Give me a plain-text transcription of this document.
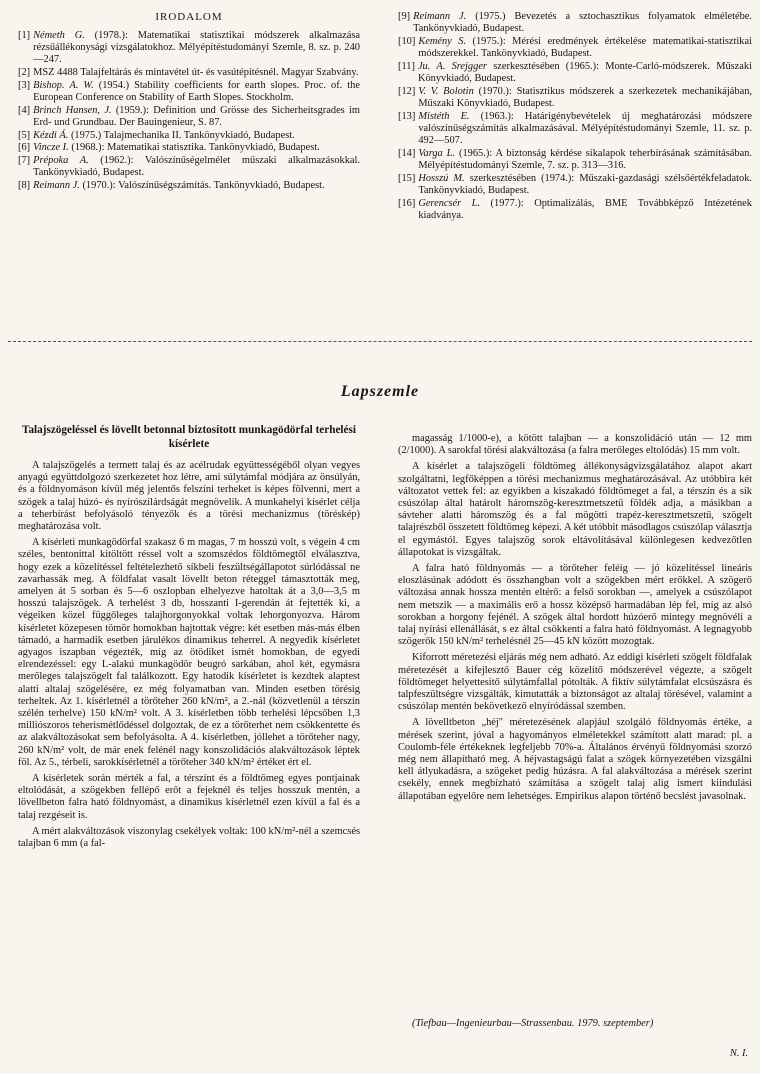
IRODALOM
[1] Németh G. (1978.): Matematikai statisztikai módszerek alkalmazása rézsűállékonysági vizsgálatokhoz. Mélyépítéstudományi Szemle, 8. sz. p. 240—247.
[2] MSZ 4488 Talajfeltárás és mintavétel út- és vasútépítésnél. Magyar Szabvány.
[3] Bishop. A. W. (1954.) Stability coefficients for earth slopes. Proc. of. the European Conference on Stability of Earth Slopes. Stockholm.
[4] Brinch Hansen, J. (1959.): Definition und Grösse des Sicherheitsgrades im Erd- und Grundbau. Der Bauingenieur, S. 87.
[5] Kézdi Á. (1975.) Talajmechanika II. Tankönyvkiadó, Budapest.
[6] Vincze I. (1968.): Matematikai statisztika. Tankönyvkiadó, Budapest.
[7] Prépoka A. (1962.): Valószínűségelmélet műszaki alkalmazásokkal. Tankönyvkiadó, Budapest.
[8] Reimann J. (1970.): Valószínűségszámítás. Tankönyvkiadó, Budapest.
[9] Reimann J. (1975.) Bevezetés a sztochasztikus folyamatok elméletébe. Tankönyvkiadó, Budapest.
[10] Kemény S. (1975.): Mérési eredmények értékelése matematikai-statisztikai módszerekkel. Tankönyvkiadó, Budapest.
[11] Ju. A. Srejgger szerkesztésében (1965.): Monte-Carló-módszerek. Műszaki Könyvkiadó, Budapest.
[12] V. V. Bolotin (1970.): Statisztikus módszerek a szerkezetek mechanikájában, Műszaki Könyvkiadó, Budapest.
[13] Mistéth E. (1963.): Határigénybevételek új meghatározási módszere valószínűségszámítás alkalmazásával. Mélyépítéstudományi Szemle, 11. sz. p. 492—507.
[14] Varga L. (1965.): A biztonság kérdése síkalapok teherbírásának számításában. Mélyépítéstudományi Szemle, 7. sz. p. 313—316.
[15] Hosszú M. szerkesztésében (1974.): Műszaki-gazdasági szélsőértékfeladatok. Tankönyvkiadó, Budapest.
[16] Gerencsér L. (1977.): Optimalizálás, BME Továbbképző Intézetének kiadványa.
Lapszemle
Talajszögeléssel és lövellt betonnal biztosított munkagödörfal terhelési kísérlete

A talajszögelés a termett talaj és az acélrudak együttességéből olyan vegyes anyagú együttdolgozó szerkezetet hoz létre, ami súlytámfal módjára az önsúlyán, és a földnyomáson kívül még jelentős felszíni terheket is képes fölvenni, mert a szögek a talaj húzó- és nyírószilárdságát megnövelik. A munkahelyi kísérlet célja a teherbírást befolyásoló tényezők és a törési mechanizmus (töréskép) meghatározása volt.

A kísérleti munkagödörfal szakasz 6 m magas, 7 m hosszú volt, s végein 4 cm széles, bentonittal kitöltött réssel volt a szomszédos földtömegtől elválasztva, hogy ezek a közelítéssel feltételezhető síkbeli feszültségállapotot súrlódással ne zavarhassák meg. A földfalat vasalt lövellt beton réteggel támasztották meg, amelyen át 5 sorban és 5—6 oszlopban elhelyezve hatoltak át a 3,0—3,5 m hosszú talajszögek. A terhelést 3 db, hosszanti I-gerendán át fejtették ki, a végeiken közel függőleges talajhorgonyokkal voltak lehorgonyozva. Három kísérletet közepesen tömör homokban hajtottak végre: két esetben más-más élben támadó, a harmadik esetben járulékos dinamikus teherrel. A negyedik kísérletet agyagos iszapban végezték, míg az ötödiket ismét homokban, de egyedi elrendezéssel: egy L-alakú munkagödör beugró sarkában, ahol két, egymásra merőleges talajszögelt fal találkozott. Egy hatodik kísérletet is kezdtek alaptest alatti altalaj szögelésére, ez még folyamatban van. Minden esetben törésig terheltek. Az 1. kísérletnél a törőteher 260 kN/m², a 2.-nál (közvetlenül a térszín szélén terhelve) 150 kN/m² volt. A 3. kísérletben több terhelési lépcsőben 1,3 milliószoros teherismétlődéssel dolgoztak, de ez a törőterhet nem csökkentette és az alakváltozásokat sem befolyásolta. A 4. kísérletben, jóllehet a törőteher nagy, 260 kN/m² volt, de már enek felénél nagy konszolidációs alakváltozások léptek föl. Az 5., térbeli, sarokkísérletnél a törőteher 340 kN/m² értéket ért el.

A kísérletek során mérték a fal, a térszínt és a földtömeg egyes pontjainak eltolódását, a szögekben fellépő erőt a fejeknél és teljes hosszuk mentén, a lövellbeton falra ható földnyomást, a dinamikus kísérletnél ezen kívül a fal és a talaj rezgéseit is.

A mért alakváltozások viszonylag csekélyek voltak: 100 kN/m²-nél a szemcsés talajban 6 mm (a fal-

magasság 1/1000-e), a kötött talajban — a konszolidáció után — 12 mm (2/1000). A sarokfal törési alakváltozása (a falra merőleges eltolódás) 15 mm volt.

A kísérlet a talajszögeli földtömeg állékonyságvizsgálatához alapot akart szolgáltatni, legfőképpen a törési mechanizmus meghatározásával. Az utóbbira két változatot vettek fel: az egyikben a kiszakadó földtömeget a fal, a térszín és a sík csúszólap által határolt háromszög-keresztmetszetű földék adja, a másikban a sávteher alatti háromszög és a fal mögötti trapéz-keresztmetszetű, szögelt talajrészből összetett földtömeg képezi. A két utóbbit másodlagos csúszólap választja el egymástól. Egyes talajszög sorok eltávolításával különlegesen kedvezőtlen állapotokat is vizsgáltak.

A falra ható földnyomás — a törőteher feléig — jó közelítéssel lineáris eloszlásúnak adódott és összhangban volt a szögekben mért erőkkel. A szögerő változása annak hossza mentén eltérő: a felső sorokban —, amelyek a csúszólapot nem metszik — a maximális erő a hossz középső harmadában lép fel, míg az alsó sorokban a horgony fejénél. A szögek által hordott húzóerő mintegy megnövéli a talaj nyírási ellenállását, s ez által csökkenti a falra ható földnyomást. A legnagyobb szögerők 150 kN/m² terhelésnél 25—45 kN között mozogtak.

Kiforrott méretezési eljárás még nem adható. Az eddigi kísérleti szögelt földfalak méretezését a kifejlesztő Bauer cég közelítő módszerével végezte, a szögelt földtömeget helyettesítő súlytámfallal pótolták. A fiktív súlytámfalat elcsúszásra és talpfeszültségre vizsgálták, kimutatták a biztonságot az altalaj törésével, valamint a csúszólap mentén bekövetkező elnyíródással szemben.

A lövelltbeton „héj" méretezésének alapjául szolgáló földnyomás értéke, a mérések szerint, jóval a hagyományos elméletekkel számított alatt marad: pl. a Coulomb-féle értékeknek legfeljebb 70%-a. Általános érvényű földnyomási szorzó még nem állapítható meg. A héjvastagságú falat a szögek környezetében vizsgálni kell átlyukadásra, a szögeket pedig húzásra. A fal alakváltozása a mérések szerint csekély, ennek megbízható számítása a szögelt talaj alig ismert kiindulási állapotában egyelőre nem lehetséges. Empirikus alapon történő becslést javasolnak.

(Tiefbau—Ingenieurbau—Strassenbau. 1979. szeptember)
N. I.
